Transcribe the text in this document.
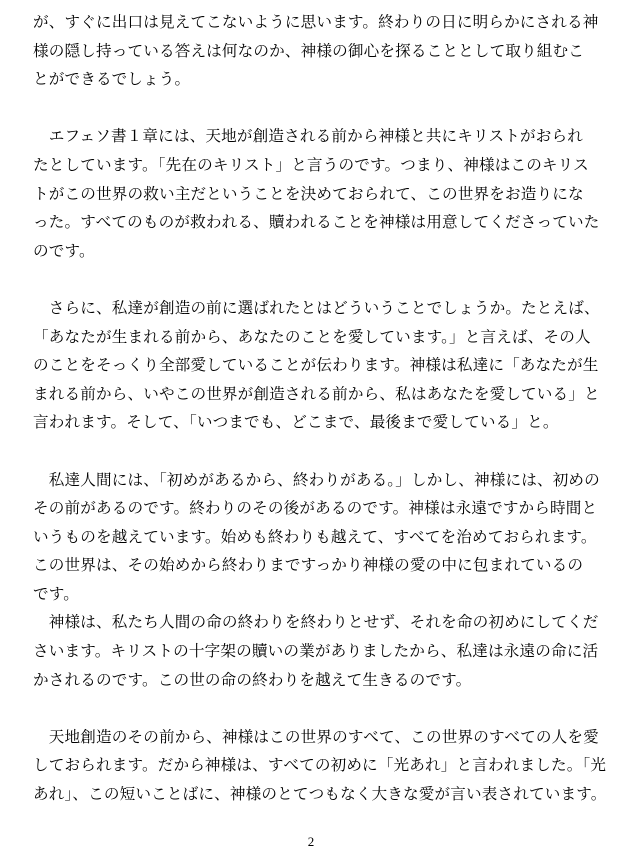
が、すぐに出口は見えてこないように思います。終わりの日に明らかにされる神
様の隠し持っている答えは何なのか、神様の御心を探ることとして取り組むこ
とができるでしょう。
　エフェソ書１章には、天地が創造される前から神様と共にキリストがおられ
たとしています。「先在のキリスト」と言うのです。つまり、神様はこのキリス
トがこの世界の救い主だということを決めておられて、この世界をお造りにな
った。すべてのものが救われる、贖われることを神様は用意してくださっていた
のです。
　さらに、私達が創造の前に選ばれたとはどういうことでしょうか。たとえば、
「あなたが生まれる前から、あなたのことを愛しています。」と言えば、その人
のことをそっくり全部愛していることが伝わります。神様は私達に「あなたが生
まれる前から、いやこの世界が創造される前から、私はあなたを愛している」と
言われます。そして、「いつまでも、どこまで、最後まで愛している」と。
　私達人間には、「初めがあるから、終わりがある。」しかし、神様には、初めの
その前があるのです。終わりのその後があるのです。神様は永遠ですから時間と
いうものを越えています。始めも終わりも越えて、すべてを治めておられます。
この世界は、その始めから終わりまですっかり神様の愛の中に包まれているの
です。
　神様は、私たち人間の命の終わりを終わりとせず、それを命の初めにしてくだ
さいます。キリストの十字架の贖いの業がありましたから、私達は永遠の命に活
かされるのです。この世の命の終わりを越えて生きるのです。
　天地創造のその前から、神様はこの世界のすべて、この世界のすべての人を愛
しておられます。だから神様は、すべての初めに「光あれ」と言われました。「光
あれ」、この短いことばに、神様のとてつもなく大きな愛が言い表されています。
2
